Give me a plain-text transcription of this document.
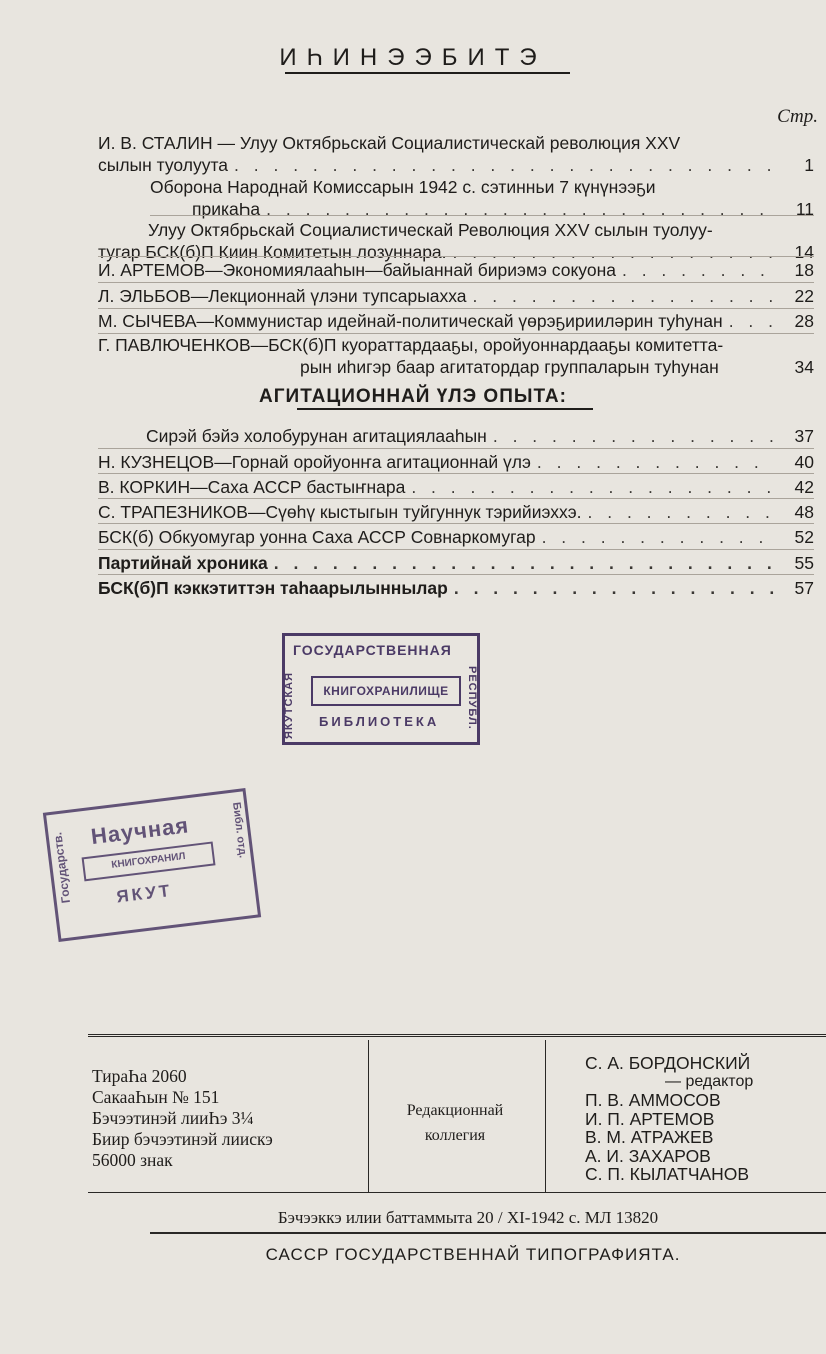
ИҺИНЭЭБИТЭ
Стр.
И. В. СТАЛИН — Улуу Октябрьскай Социалистическай революция XXV
сылын туолуута . . .	1
Оборона Народнай Комиссарын 1942 с. сэтинньи 7 күнүнээҕи
прикаҺа . . .	11
Улуу Октябрьскай Социалистическай Революция XXV сылын туолуу-
тугар БСК(б)П Киин Комитетын лозуннара. . . .	14
И. АРТЕМОВ—Экономиялааһын—байыаннай бириэмэ сокуона . . .	18
Л. ЭЛЬБОВ—Лекционнай үлэни тупсарыахха . . .	22
М. СЫЧЕВА—Коммунистар идейнай-политическай үөрэҕирииләрин туһунан . . .	28
Г. ПАВЛЮЧЕНКОВ—БСК(б)П куораттардааҕы, оройуоннардааҕы комитетта-
рын иһигэр баар агитатордар группаларын туһунан	34
АГИТАЦИОННАЙ ҮЛЭ ОПЫТА:
Сирэй бэйэ холобурунан агитациялааһын . . .	37
Н. КУЗНЕЦОВ—Горнай оройуонҥа агитационнай үлэ . . .	40
В. КОРКИН—Саха АССР бастыҥнара . . .	42
С. ТРАПЕЗНИКОВ—Сүөһү кыстыгын туйгуннук тэрийиэххэ. . . .	48
БСК(б) Обкуомугар уонна Саха АССР Совнаркомугар . . .	52
Партийнай хроника . . .	55
БСК(б)П кэккэтиттэн таһаарылыннылар . . .	57
ГОСУДАРСТВЕННАЯ
ЯКУТСКАЯ	КНИГОХРАНИЛИЩЕ	РЕСПУБЛ.
БИБЛИОТЕКА
Государств.
Научная
КНИГОХРАНИЛ
ЯКУТ
Библ. отд.
ТираҺа 2060
СакааҺын № 151
Бэчээтинэй лииҺэ 3¼
Биир бэчээтинэй лиискэ
56000 знак
Редакционнай
коллегия
С. А. БОРДОНСКИЙ
— редактор
П. В. АММОСОВ
И. П. АРТЕМОВ
В. М. АТРАЖЕВ
А. И. ЗАХАРОВ
С. П. КЫЛАТЧАНОВ
Бэчээккэ илии баттаммыта 20 / XI-1942 с. МЛ 13820
САССР ГОСУДАРСТВЕННАЙ ТИПОГРАФИЯТА.
